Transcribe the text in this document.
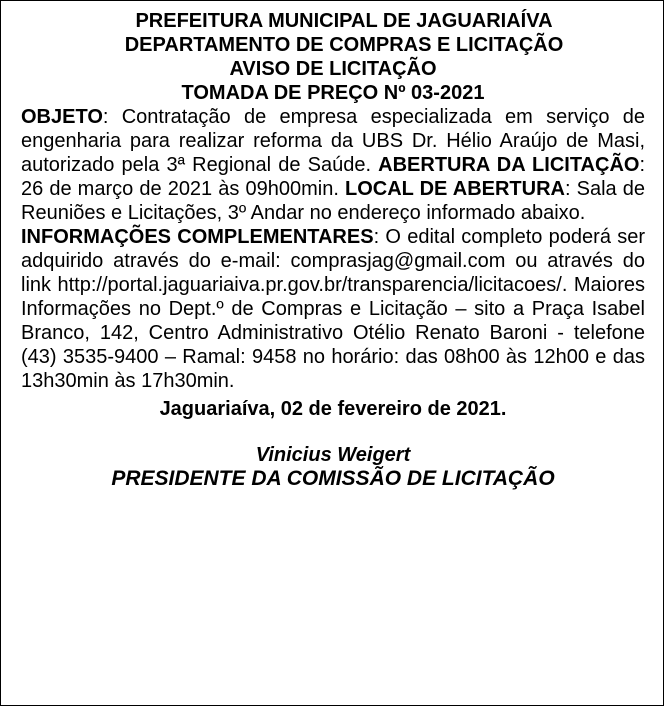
PREFEITURA MUNICIPAL DE JAGUARIAÍVA
DEPARTAMENTO DE COMPRAS E LICITAÇÃO
AVISO DE LICITAÇÃO
TOMADA DE PREÇO Nº 03-2021

OBJETO: Contratação de empresa especializada em serviço de engenharia para realizar reforma da UBS Dr. Hélio Araújo de Masi, autorizado pela 3ª Regional de Saúde. ABERTURA DA LICITAÇÃO: 26 de março de 2021 às 09h00min. LOCAL DE ABERTURA: Sala de Reuniões e Licitações, 3º Andar no endereço informado abaixo.

INFORMAÇÕES COMPLEMENTARES: O edital completo poderá ser adquirido através do e-mail: comprasjag@gmail.com ou através do link http://portal.jaguariaiva.pr.gov.br/transparencia/licitacoes/. Maiores Informações no Dept.º de Compras e Licitação – sito a Praça Isabel Branco, 142, Centro Administrativo Otélio Renato Baroni - telefone (43) 3535-9400 – Ramal: 9458 no horário: das 08h00 às 12h00 e das 13h30min às 17h30min.

Jaguariaíva, 02 de fevereiro de 2021.
Vinicius Weigert
PRESIDENTE DA COMISSÃO DE LICITAÇÃO
